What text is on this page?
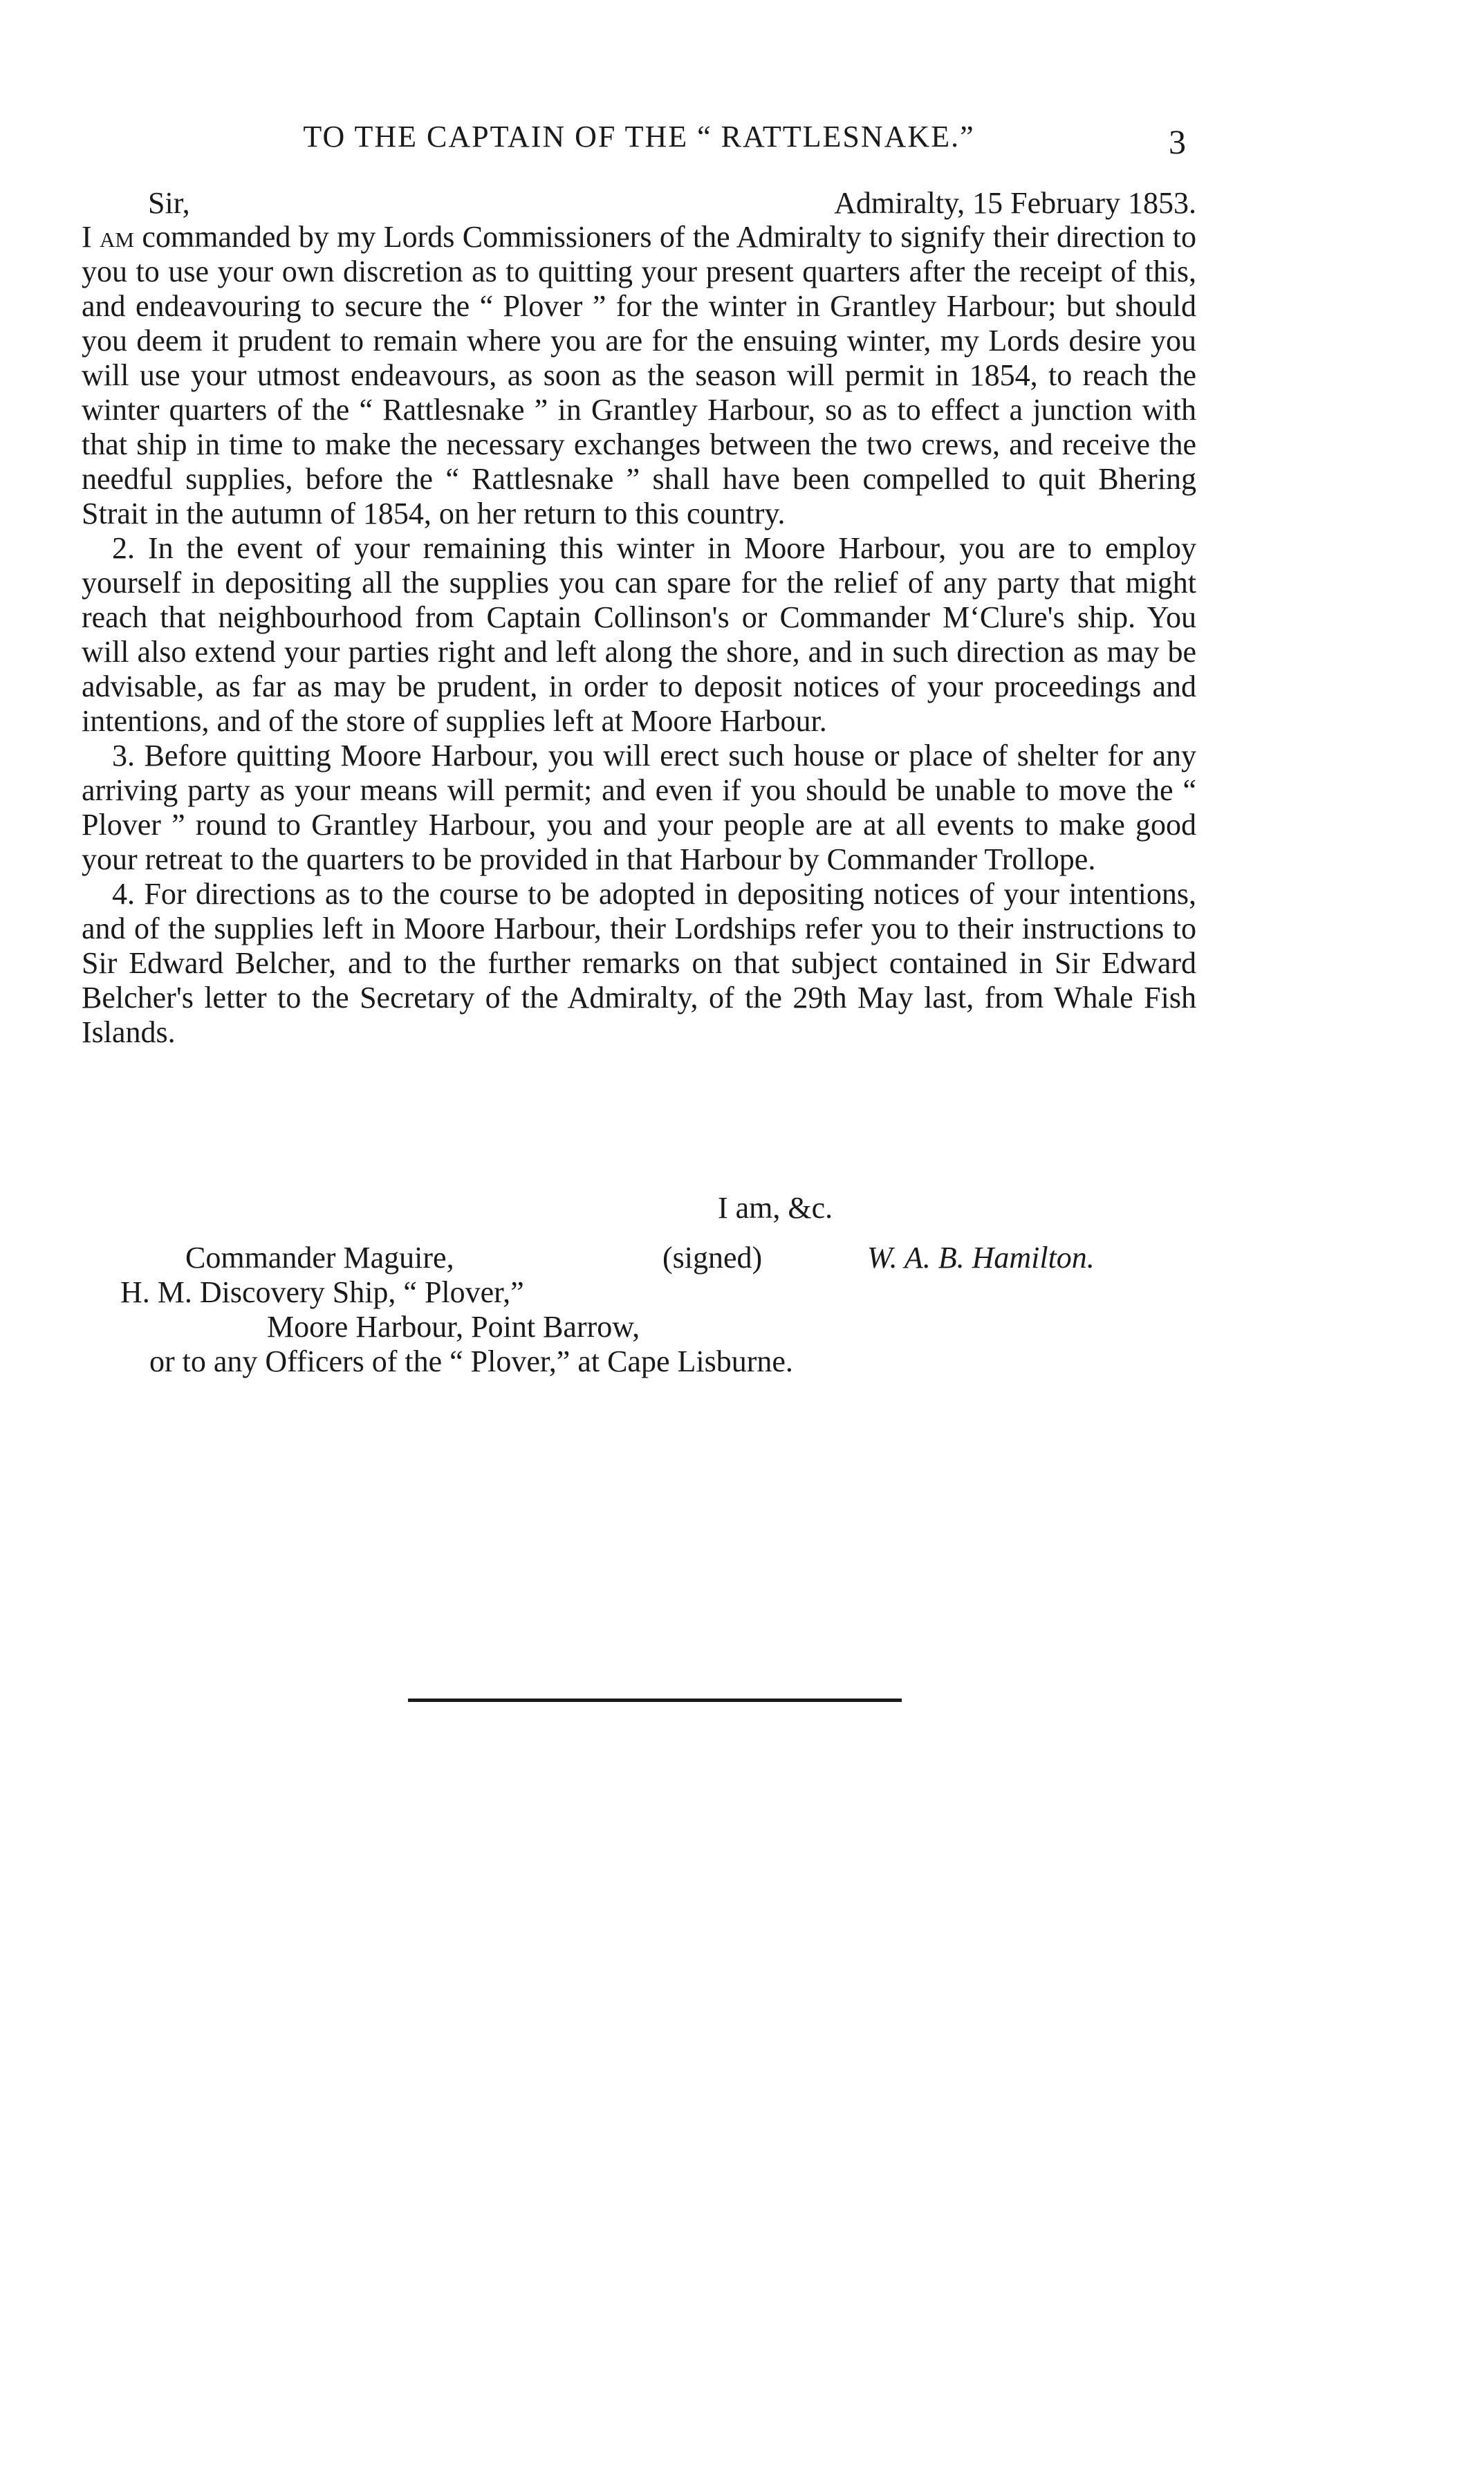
TO THE CAPTAIN OF THE “ RATTLESNAKE.”	3
Sir,	Admiralty, 15 February 1853.

I am commanded by my Lords Commissioners of the Admiralty to signify their direction to you to use your own discretion as to quitting your present quarters after the receipt of this, and endeavouring to secure the “ Plover ” for the winter in Grantley Harbour; but should you deem it prudent to remain where you are for the ensuing winter, my Lords desire you will use your utmost endeavours, as soon as the season will permit in 1854, to reach the winter quarters of the “ Rattlesnake ” in Grantley Harbour, so as to effect a junction with that ship in time to make the necessary exchanges between the two crews, and receive the needful supplies, before the “ Rattlesnake ” shall have been compelled to quit Bhering Strait in the autumn of 1854, on her return to this country.

2. In the event of your remaining this winter in Moore Harbour, you are to employ yourself in depositing all the supplies you can spare for the relief of any party that might reach that neighbourhood from Captain Collinson's or Commander M‘Clure's ship. You will also extend your parties right and left along the shore, and in such direction as may be advisable, as far as may be prudent, in order to deposit notices of your proceedings and intentions, and of the store of supplies left at Moore Harbour.

3. Before quitting Moore Harbour, you will erect such house or place of shelter for any arriving party as your means will permit; and even if you should be unable to move the “ Plover ” round to Grantley Harbour, you and your people are at all events to make good your retreat to the quarters to be provided in that Harbour by Commander Trollope.

4. For directions as to the course to be adopted in depositing notices of your intentions, and of the supplies left in Moore Harbour, their Lordships refer you to their instructions to Sir Edward Belcher, and to the further remarks on that subject contained in Sir Edward Belcher's letter to the Secretary of the Admiralty, of the 29th May last, from Whale Fish Islands.

I am, &c.
Commander Maguire,	(signed)	W. A. B. Hamilton.
H. M. Discovery Ship, “ Plover,”
Moore Harbour, Point Barrow,
or to any Officers of the “ Plover,” at Cape Lisburne.
